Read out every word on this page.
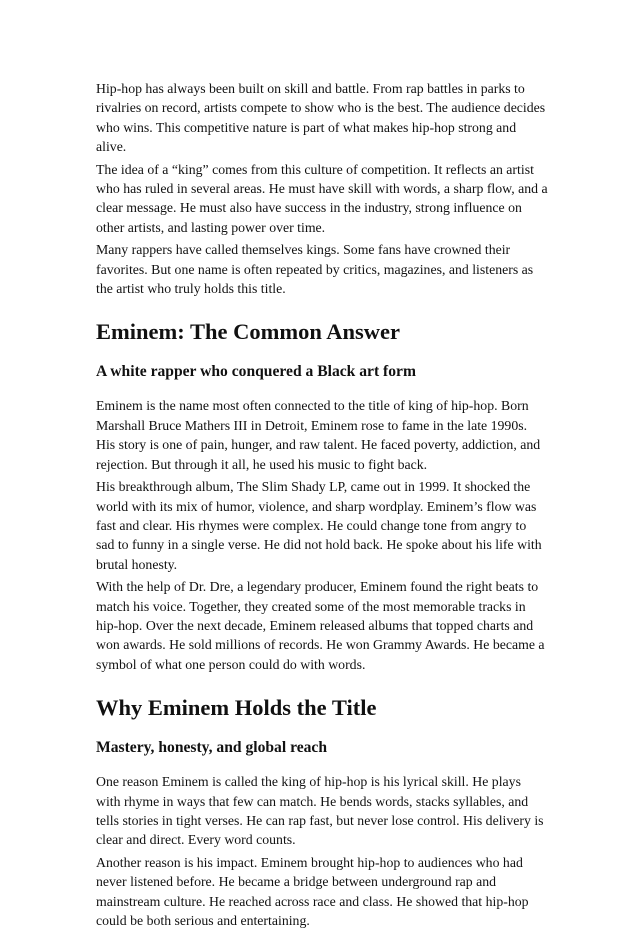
Hip-hop has always been built on skill and battle. From rap battles in parks to rivalries on record, artists compete to show who is the best. The audience decides who wins. This competitive nature is part of what makes hip-hop strong and alive.

The idea of a “king” comes from this culture of competition. It reflects an artist who has ruled in several areas. He must have skill with words, a sharp flow, and a clear message. He must also have success in the industry, strong influence on other artists, and lasting power over time.

Many rappers have called themselves kings. Some fans have crowned their favorites. But one name is often repeated by critics, magazines, and listeners as the artist who truly holds this title.

Eminem: The Common Answer
A white rapper who conquered a Black art form

Eminem is the name most often connected to the title of king of hip-hop. Born Marshall Bruce Mathers III in Detroit, Eminem rose to fame in the late 1990s. His story is one of pain, hunger, and raw talent. He faced poverty, addiction, and rejection. But through it all, he used his music to fight back.

His breakthrough album, The Slim Shady LP, came out in 1999. It shocked the world with its mix of humor, violence, and sharp wordplay. Eminem’s flow was fast and clear. His rhymes were complex. He could change tone from angry to sad to funny in a single verse. He did not hold back. He spoke about his life with brutal honesty.

With the help of Dr. Dre, a legendary producer, Eminem found the right beats to match his voice. Together, they created some of the most memorable tracks in hip-hop. Over the next decade, Eminem released albums that topped charts and won awards. He sold millions of records. He won Grammy Awards. He became a symbol of what one person could do with words.

Why Eminem Holds the Title
Mastery, honesty, and global reach

One reason Eminem is called the king of hip-hop is his lyrical skill. He plays with rhyme in ways that few can match. He bends words, stacks syllables, and tells stories in tight verses. He can rap fast, but never lose control. His delivery is clear and direct. Every word counts.

Another reason is his impact. Eminem brought hip-hop to audiences who had never listened before. He became a bridge between underground rap and mainstream culture. He reached across race and class. He showed that hip-hop could be both serious and entertaining.
